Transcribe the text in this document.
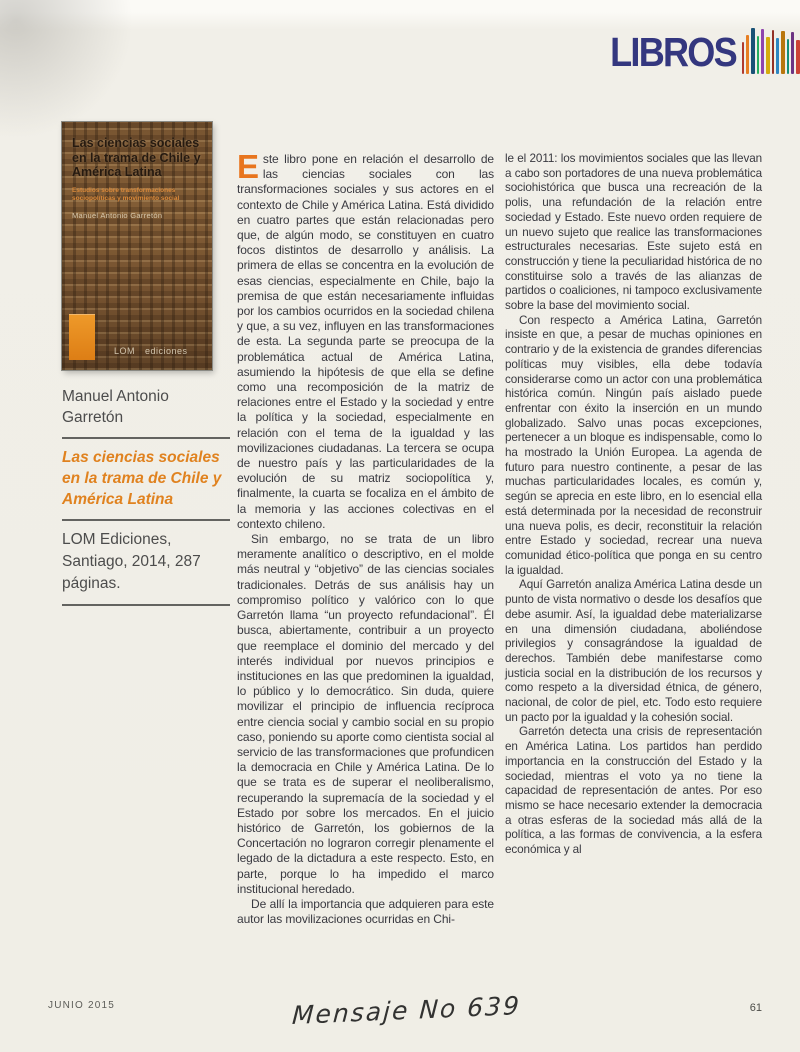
LIBROS
Las ciencias sociales en la trama de Chile y América Latina
Estudios sobre transformaciones sociopolíticas y movimiento social
Manuel Antonio Garretón
LOM ediciones
Manuel Antonio Garretón
Las ciencias sociales en la trama de Chile y América Latina
LOM Ediciones, Santiago, 2014, 287 páginas.

Este libro pone en relación el desarrollo de las ciencias sociales con las transformaciones sociales y sus actores en el contexto de Chile y América Latina. Está dividido en cuatro partes que están relacionadas pero que, de algún modo, se constituyen en cuatro focos distintos de desarrollo y análisis. La primera de ellas se concentra en la evolución de esas ciencias, especialmente en Chile, bajo la premisa de que están necesariamente influidas por los cambios ocurridos en la sociedad chilena y que, a su vez, influyen en las transformaciones de esta. La segunda parte se preocupa de la problemática actual de América Latina, asumiendo la hipótesis de que ella se define como una recomposición de la matriz de relaciones entre el Estado y la sociedad y entre la política y la sociedad, especialmente en relación con el tema de la igualdad y las movilizaciones ciudadanas. La tercera se ocupa de nuestro país y las particularidades de la evolución de su matriz sociopolítica y, finalmente, la cuarta se focaliza en el ámbito de la memoria y las acciones colectivas en el contexto chileno.

Sin embargo, no se trata de un libro meramente analítico o descriptivo, en el molde más neutral y “objetivo” de las ciencias sociales tradicionales. Detrás de sus análisis hay un compromiso político y valórico con lo que Garretón llama “un proyecto refundacional”. Él busca, abiertamente, contribuir a un proyecto que reemplace el dominio del mercado y del interés individual por nuevos principios e instituciones en las que predominen la igualdad, lo público y lo democrático. Sin duda, quiere movilizar el principio de influencia recíproca entre ciencia social y cambio social en su propio caso, poniendo su aporte como cientista social al servicio de las transformaciones que profundicen la democracia en Chile y América Latina. De lo que se trata es de superar el neoliberalismo, recuperando la supremacía de la sociedad y el Estado por sobre los mercados. En el juicio histórico de Garretón, los gobiernos de la Concertación no lograron corregir plenamente el legado de la dictadura a este respecto. Esto, en parte, porque lo ha impedido el marco institucional heredado.

De allí la importancia que adquieren para este autor las movilizaciones ocurridas en Chi-

le el 2011: los movimientos sociales que las llevan a cabo son portadores de una nueva problemática sociohistórica que busca una recreación de la polis, una refundación de la relación entre sociedad y Estado. Este nuevo orden requiere de un nuevo sujeto que realice las transformaciones estructurales necesarias. Este sujeto está en construcción y tiene la peculiaridad histórica de no constituirse solo a través de las alianzas de partidos o coaliciones, ni tampoco exclusivamente sobre la base del movimiento social.

Con respecto a América Latina, Garretón insiste en que, a pesar de muchas opiniones en contrario y de la existencia de grandes diferencias políticas muy visibles, ella debe todavía considerarse como un actor con una problemática histórica común. Ningún país aislado puede enfrentar con éxito la inserción en un mundo globalizado. Salvo unas pocas excepciones, pertenecer a un bloque es indispensable, como lo ha mostrado la Unión Europea. La agenda de futuro para nuestro continente, a pesar de las muchas particularidades locales, es común y, según se aprecia en este libro, en lo esencial ella está determinada por la necesidad de reconstruir una nueva polis, es decir, reconstituir la relación entre Estado y sociedad, recrear una nueva comunidad ético-política que ponga en su centro la igualdad.

Aquí Garretón analiza América Latina desde un punto de vista normativo o desde los desafíos que debe asumir. Así, la igualdad debe materializarse en una dimensión ciudadana, aboliéndose privilegios y consagrándose la igualdad de derechos. También debe manifestarse como justicia social en la distribución de los recursos y como respeto a la diversidad étnica, de género, nacional, de color de piel, etc. Todo esto requiere un pacto por la igualdad y la cohesión social.

Garretón detecta una crisis de representación en América Latina. Los partidos han perdido importancia en la construcción del Estado y la sociedad, mientras el voto ya no tiene la capacidad de representación de antes. Por eso mismo se hace necesario extender la democracia a otras esferas de la sociedad más allá de la política, a las formas de convivencia, a la esfera económica y al

JUNIO 2015	Mensaje No 639	61
